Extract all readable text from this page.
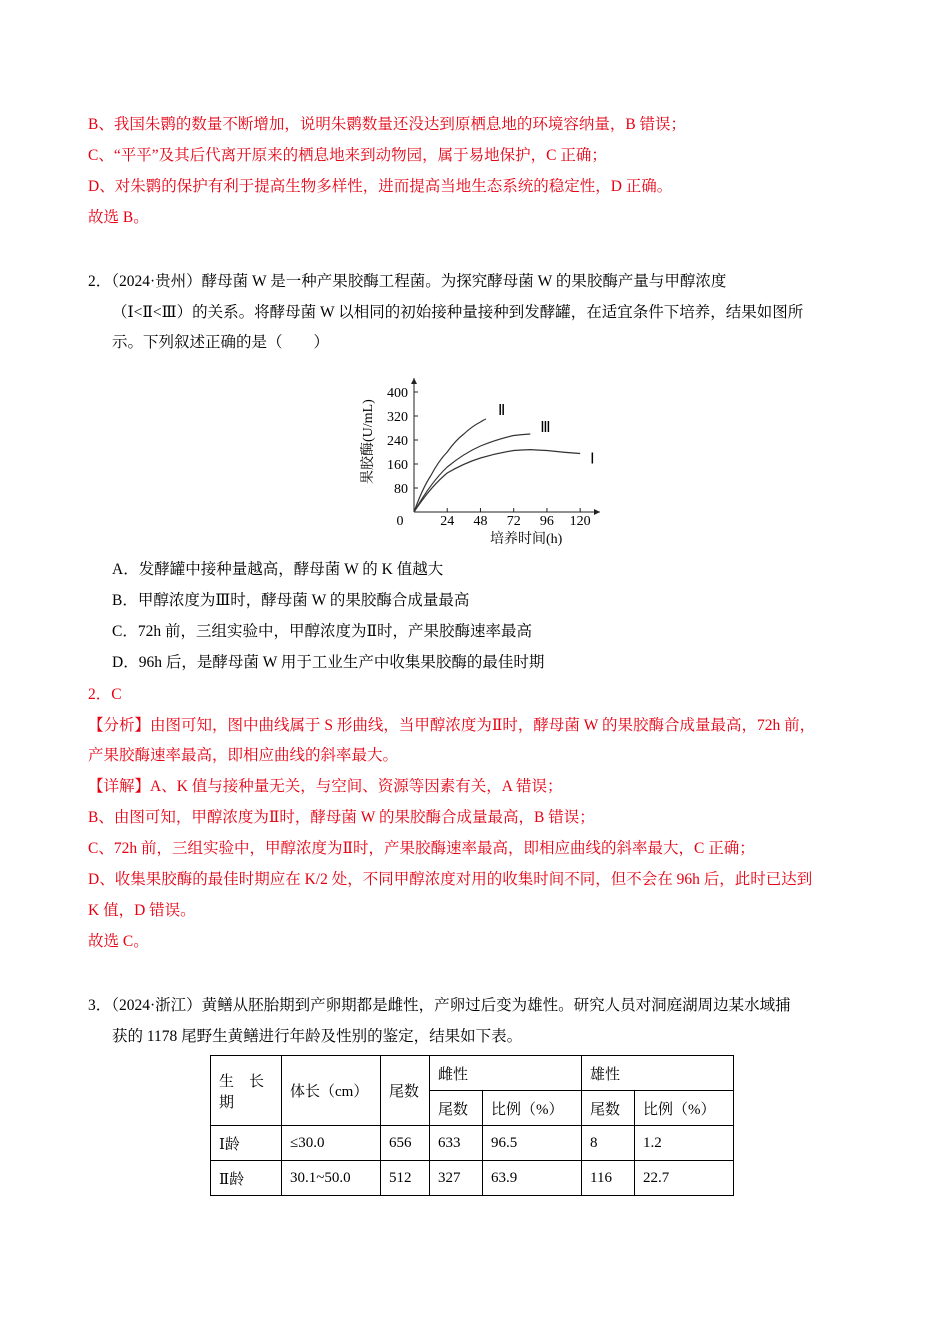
B、我国朱鹮的数量不断增加，说明朱鹮数量还没达到原栖息地的环境容纳量，B 错误；
C、“平平”及其后代离开原来的栖息地来到动物园，属于易地保护，C 正确；
D、对朱鹮的保护有利于提高生物多样性，进而提高当地生态系统的稳定性，D 正确。
故选 B。
2．（2024·贵州）酵母菌 W 是一种产果胶酶工程菌。为探究酵母菌 W 的果胶酶产量与甲醇浓度
（Ⅰ<Ⅱ<Ⅲ）的关系。将酵母菌 W 以相同的初始接种量接种到发酵罐，在适宜条件下培养，结果如图所
示。下列叙述正确的是（　　）
0	24 48 72 96 120
80
160
240
320
400
Ⅱ
Ⅲ
Ⅰ
果胶酶(U/mL)
培养时间(h)
A．发酵罐中接种量越高，酵母菌 W 的 K 值越大
B．甲醇浓度为Ⅲ时，酵母菌 W 的果胶酶合成量最高
C．72h 前，三组实验中，甲醇浓度为Ⅱ时，产果胶酶速率最高
D．96h 后，是酵母菌 W 用于工业生产中收集果胶酶的最佳时期
2．C
【分析】由图可知，图中曲线属于 S 形曲线，当甲醇浓度为Ⅱ时，酵母菌 W 的果胶酶合成量最高，72h 前，
产果胶酶速率最高，即相应曲线的斜率最大。
【详解】A、K 值与接种量无关，与空间、资源等因素有关，A 错误；
B、由图可知，甲醇浓度为Ⅱ时，酵母菌 W 的果胶酶合成量最高，B 错误；
C、72h 前，三组实验中，甲醇浓度为Ⅱ时，产果胶酶速率最高，即相应曲线的斜率最大，C 正确；
D、收集果胶酶的最佳时期应在 K/2 处，不同甲醇浓度对用的收集时间不同，但不会在 96h 后，此时已达到
K 值，D 错误。
故选 C。
3．（2024·浙江）黄鳝从胚胎期到产卵期都是雌性，产卵过后变为雄性。研究人员对洞庭湖周边某水域捕
获的 1178 尾野生黄鳝进行年龄及性别的鉴定，结果如下表。
生　长期	体长（cm）	尾数	雌性		雄性	
			尾数	比例（%）	尾数	比例（%）
Ⅰ龄	≤30.0	656	633	96.5	8	1.2
Ⅱ龄	30.1~50.0	512	327	63.9	116	22.7
